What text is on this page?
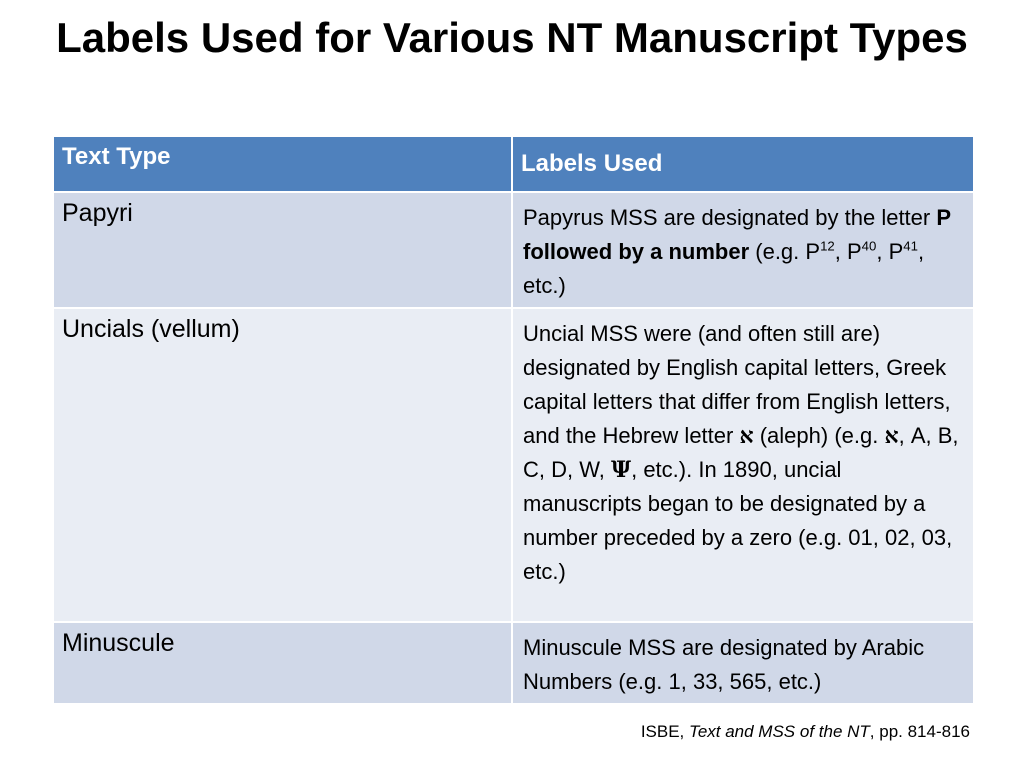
Labels Used for Various NT Manuscript Types
Text Type	Labels Used
Papyri	Papyrus MSS are designated by the letter P followed by a number (e.g. $P^{12}$, $P^{40}$, $P^{41}$, etc.)
Uncials (vellum)	Uncial MSS were (and often still are) designated by English capital letters, Greek capital letters that differ from English letters, and the Hebrew letter א (aleph) (e.g. א, A, B, C, D, W, Ψ, etc.). In 1890, uncial manuscripts began to be designated by a number preceded by a zero (e.g. 01, 02, 03, etc.)
Minuscule	Minuscule MSS are designated by Arabic Numbers (e.g. 1, 33, 565, etc.)
ISBE, Text and MSS of the NT, pp. 814-816
